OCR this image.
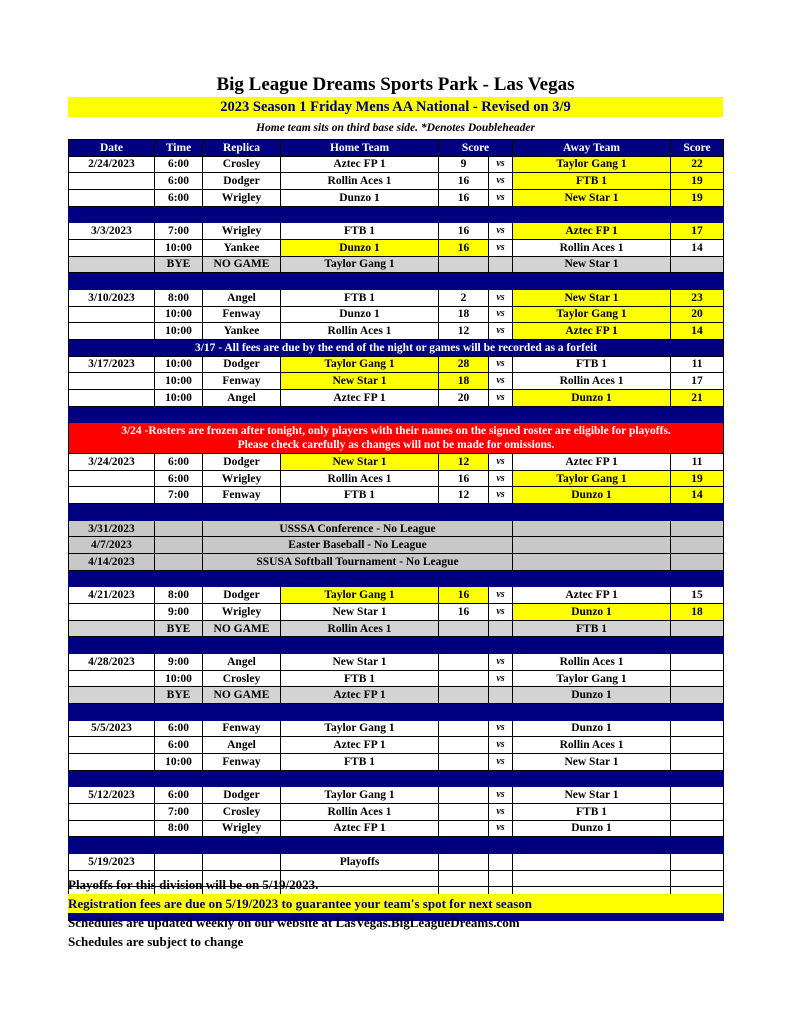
Big League Dreams Sports Park - Las Vegas
2023 Season 1 Friday Mens AA National - Revised on 3/9
Home team sits on third base side. *Denotes Doubleheader
Date	Time	Replica	Home Team	Score		Away Team	Score
2/24/2023	6:00	Crosley	Aztec FP 1	9	vs	Taylor Gang 1	22
	6:00	Dodger	Rollin Aces 1	16	vs	FTB 1	19
	6:00	Wrigley	Dunzo 1	16	vs	New Star 1	19

3/3/2023	7:00	Wrigley	FTB 1	16	vs	Aztec FP 1	17
	10:00	Yankee	Dunzo 1	16	vs	Rollin Aces 1	14
	BYE	NO GAME	Taylor Gang 1			New Star 1	

3/10/2023	8:00	Angel	FTB 1	2	vs	New Star 1	23
	10:00	Fenway	Dunzo 1	18	vs	Taylor Gang 1	20
	10:00	Yankee	Rollin Aces 1	12	vs	Aztec FP 1	14
3/17 - All fees are due by the end of the night or games will be recorded as a forfeit							
3/17/2023	10:00	Dodger	Taylor Gang 1	28	vs	FTB 1	11
	10:00	Fenway	New Star 1	18	vs	Rollin Aces 1	17
	10:00	Angel	Aztec FP 1	20	vs	Dunzo 1	21

3/24 -Rosters are frozen after tonight, only players with their names on the signed roster are eligible for playoffs.
Please check carefully as changes will not be made for omissions.							

3/24/2023	6:00	Dodger	New Star 1	12	vs	Aztec FP 1	11
	6:00	Wrigley	Rollin Aces 1	16	vs	Taylor Gang 1	19
	7:00	Fenway	FTB 1	12	vs	Dunzo 1	14

3/31/2023		USSSA Conference - No League					
4/7/2023		Easter Baseball - No League					
4/14/2023		SSUSA Softball Tournament - No League					

4/21/2023	8:00	Dodger	Taylor Gang 1	16	vs	Aztec FP 1	15
	9:00	Wrigley	New Star 1	16	vs	Dunzo 1	18
	BYE	NO GAME	Rollin Aces 1			FTB 1	

4/28/2023	9:00	Angel	New Star 1		vs	Rollin Aces 1	
	10:00	Crosley	FTB 1		vs	Taylor Gang 1	
	BYE	NO GAME	Aztec FP 1			Dunzo 1	

5/5/2023	6:00	Fenway	Taylor Gang 1		vs	Dunzo 1	
	6:00	Angel	Aztec FP 1		vs	Rollin Aces 1	
	10:00	Fenway	FTB 1		vs	New Star 1	

5/12/2023	6:00	Dodger	Taylor Gang 1		vs	New Star 1	
	7:00	Crosley	Rollin Aces 1		vs	FTB 1	
	8:00	Wrigley	Aztec FP 1		vs	Dunzo 1	

5/19/2023			Playoffs				

Playoffs for this division will be on 5/19/2023.
Registration fees are due on 5/19/2023 to guarantee your team's spot for next season
Schedules are updated weekly on our website at LasVegas.BigLeagueDreams.com
Schedules are subject to change
